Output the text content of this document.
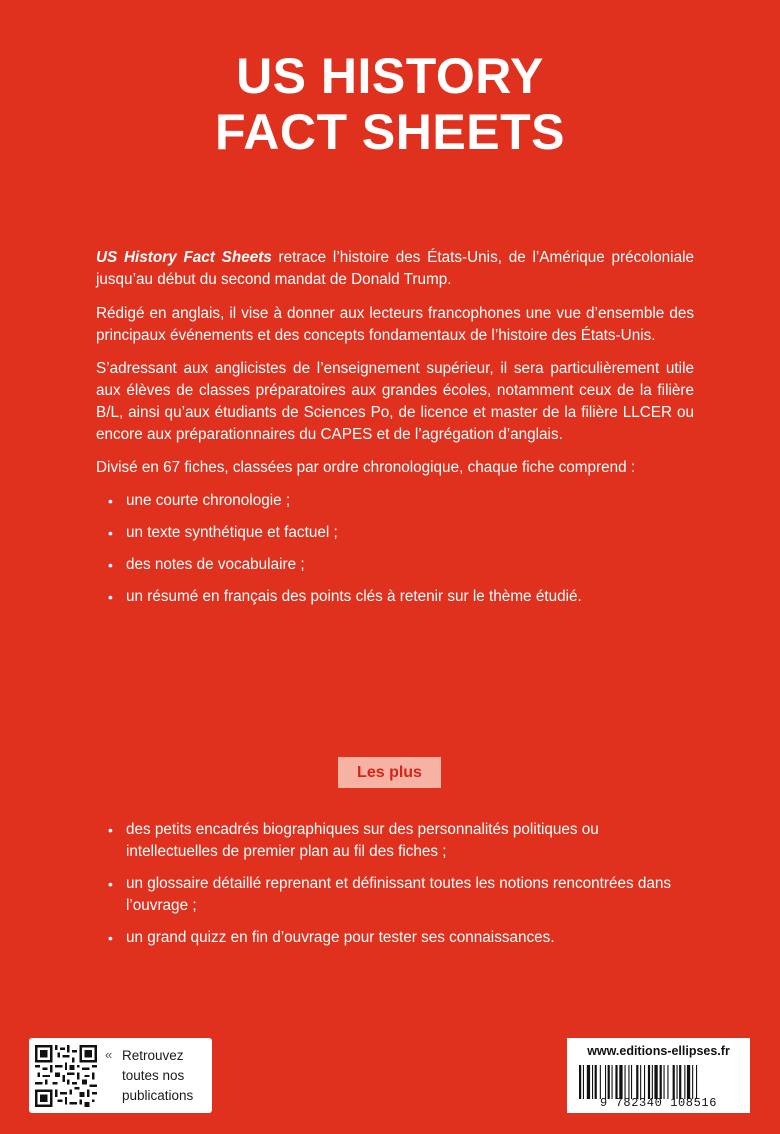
US HISTORY
FACT SHEETS

US History Fact Sheets retrace l’histoire des États-Unis, de l’Amérique précoloniale jusqu’au début du second mandat de Donald Trump.

Rédigé en anglais, il vise à donner aux lecteurs francophones une vue d’ensemble des principaux événements et des concepts fondamentaux de l’histoire des États-Unis.

S’adressant aux anglicistes de l’enseignement supérieur, il sera particulièrement utile aux élèves de classes préparatoires aux grandes écoles, notamment ceux de la filière B/L, ainsi qu’aux étudiants de Sciences Po, de licence et master de la filière LLCER ou encore aux préparationnaires du CAPES et de l’agrégation d’anglais.

Divisé en 67 fiches, classées par ordre chronologique, chaque fiche comprend :

• une courte chronologie ;
• un texte synthétique et factuel ;
• des notes de vocabulaire ;
• un résumé en français des points clés à retenir sur le thème étudié.
Les plus
• des petits encadrés biographiques sur des personnalités politiques ou intellectuelles de premier plan au fil des fiches ;
• un glossaire détaillé reprenant et définissant toutes les notions rencontrées dans l’ouvrage ;
• un grand quizz en fin d’ouvrage pour tester ses connaissances.
« Retrouvez toutes nos publications
www.editions-ellipses.fr
9 782340 108516
